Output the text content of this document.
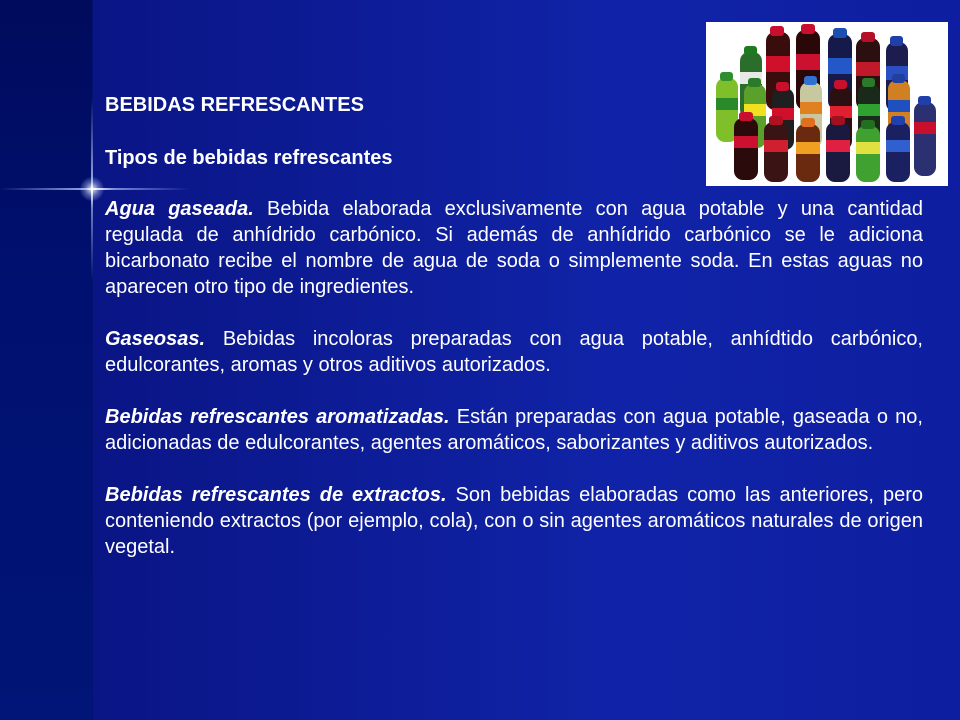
BEBIDAS REFRESCANTES

Tipos de bebidas refrescantes

Agua gaseada. Bebida elaborada exclusivamente con agua potable y una cantidad regulada de anhídrido carbónico. Si además de anhídrido carbónico se le adiciona bicarbonato recibe el nombre de agua de soda o simplemente soda. En estas aguas no aparecen otro tipo de ingredientes.

Gaseosas. Bebidas incoloras preparadas con agua potable, anhídtido carbónico, edulcorantes, aromas y otros aditivos autorizados.

Bebidas refrescantes aromatizadas. Están preparadas con agua potable, gaseada o no, adicionadas de edulcorantes, agentes aromáticos, saborizantes y aditivos autorizados.

Bebidas refrescantes de extractos. Son bebidas elaboradas como las anteriores, pero conteniendo extractos (por ejemplo, cola), con o sin agentes aromáticos naturales de origen vegetal.
